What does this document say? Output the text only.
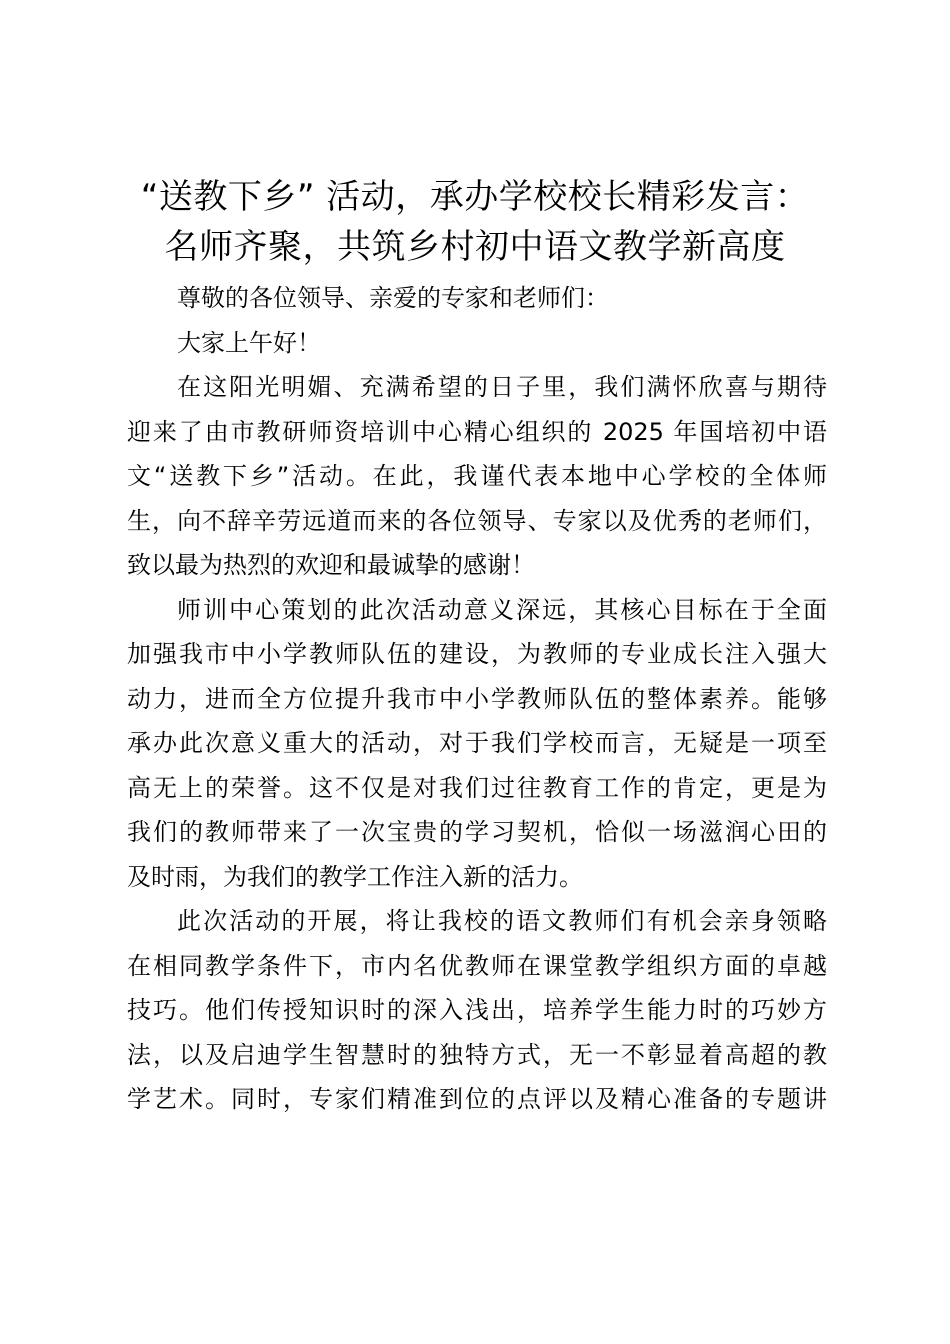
“送教下乡” 活动，承办学校校长精彩发言：
名师齐聚，共筑乡村初中语文教学新高度

尊敬的各位领导、亲爱的专家和老师们：

大家上午好！

在这阳光明媚、充满希望的日子里，我们满怀欣喜与期待
迎来了由市教研师资培训中心精心组织的 2025 年国培初中语
文“送教下乡”活动。在此，我谨代表本地中心学校的全体师
生，向不辞辛劳远道而来的各位领导、专家以及优秀的老师们，
致以最为热烈的欢迎和最诚挚的感谢！

师训中心策划的此次活动意义深远，其核心目标在于全面
加强我市中小学教师队伍的建设，为教师的专业成长注入强大
动力，进而全方位提升我市中小学教师队伍的整体素养。能够
承办此次意义重大的活动，对于我们学校而言，无疑是一项至
高无上的荣誉。这不仅是对我们过往教育工作的肯定，更是为
我们的教师带来了一次宝贵的学习契机，恰似一场滋润心田的
及时雨，为我们的教学工作注入新的活力。

此次活动的开展，将让我校的语文教师们有机会亲身领略
在相同教学条件下，市内名优教师在课堂教学组织方面的卓越
技巧。他们传授知识时的深入浅出，培养学生能力时的巧妙方
法，以及启迪学生智慧时的独特方式，无一不彰显着高超的教
学艺术。同时，专家们精准到位的点评以及精心准备的专题讲
